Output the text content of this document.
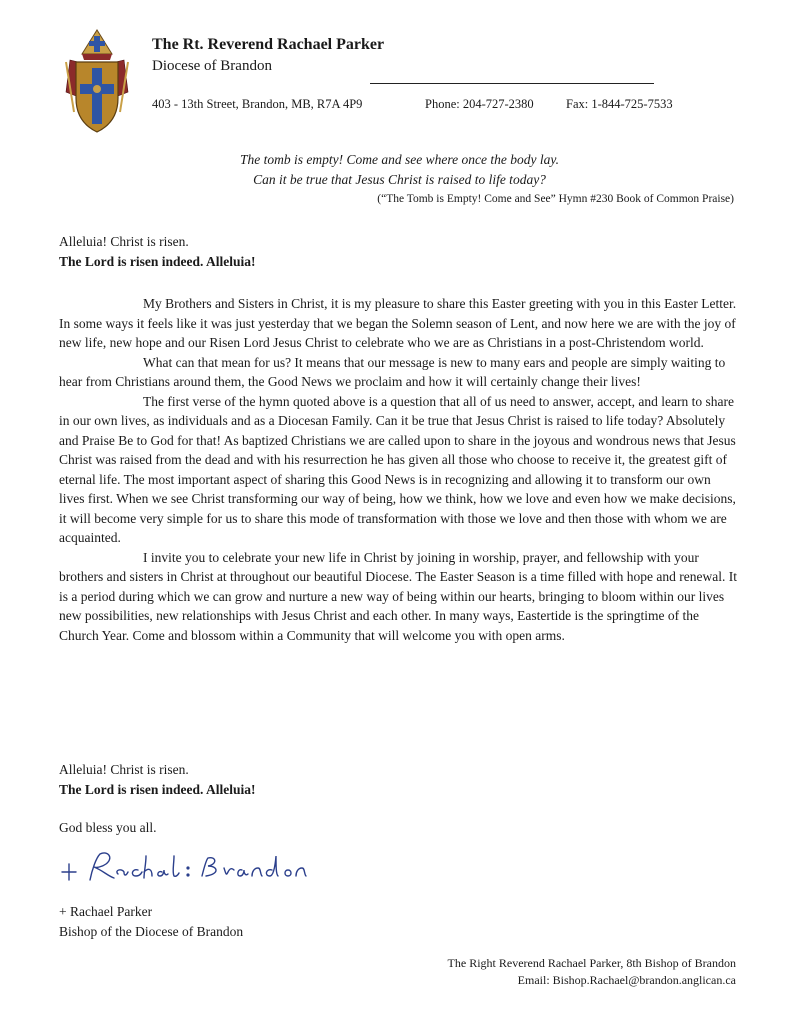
The Rt. Reverend Rachael Parker
Diocese of Brandon
403 - 13th Street, Brandon, MB, R7A 4P9	Phone: 204-727-2380	Fax: 1-844-725-7533
The tomb is empty! Come and see where once the body lay.
Can it be true that Jesus Christ is raised to life today?
(“The Tomb is Empty! Come and See” Hymn #230 Book of Common Praise)
Alleluia! Christ is risen.
The Lord is risen indeed. Alleluia!

My Brothers and Sisters in Christ, it is my pleasure to share this Easter greeting with you in this Easter Letter. In some ways it feels like it was just yesterday that we began the Solemn season of Lent, and now here we are with the joy of new life, new hope and our Risen Lord Jesus Christ to celebrate who we are as Christians in a post-Christendom world.

What can that mean for us? It means that our message is new to many ears and people are simply waiting to hear from Christians around them, the Good News we proclaim and how it will certainly change their lives!

The first verse of the hymn quoted above is a question that all of us need to answer, accept, and learn to share in our own lives, as individuals and as a Diocesan Family. Can it be true that Jesus Christ is raised to life today? Absolutely and Praise Be to God for that! As baptized Christians we are called upon to share in the joyous and wondrous news that Jesus Christ was raised from the dead and with his resurrection he has given all those who choose to receive it, the greatest gift of eternal life. The most important aspect of sharing this Good News is in recognizing and allowing it to transform our own lives first. When we see Christ transforming our way of being, how we think, how we love and even how we make decisions, it will become very simple for us to share this mode of transformation with those we love and then those with whom we are acquainted.

I invite you to celebrate your new life in Christ by joining in worship, prayer, and fellowship with your brothers and sisters in Christ at throughout our beautiful Diocese. The Easter Season is a time filled with hope and renewal. It is a period during which we can grow and nurture a new way of being within our hearts, bringing to bloom within our lives new possibilities, new relationships with Jesus Christ and each other. In many ways, Eastertide is the springtime of the Church Year. Come and blossom within a Community that will welcome you with open arms.

Alleluia! Christ is risen.
The Lord is risen indeed. Alleluia!
God bless you all.
+ Rachael Parker
Bishop of the Diocese of Brandon
The Right Reverend Rachael Parker, 8th Bishop of Brandon
Email: Bishop.Rachael@brandon.anglican.ca
